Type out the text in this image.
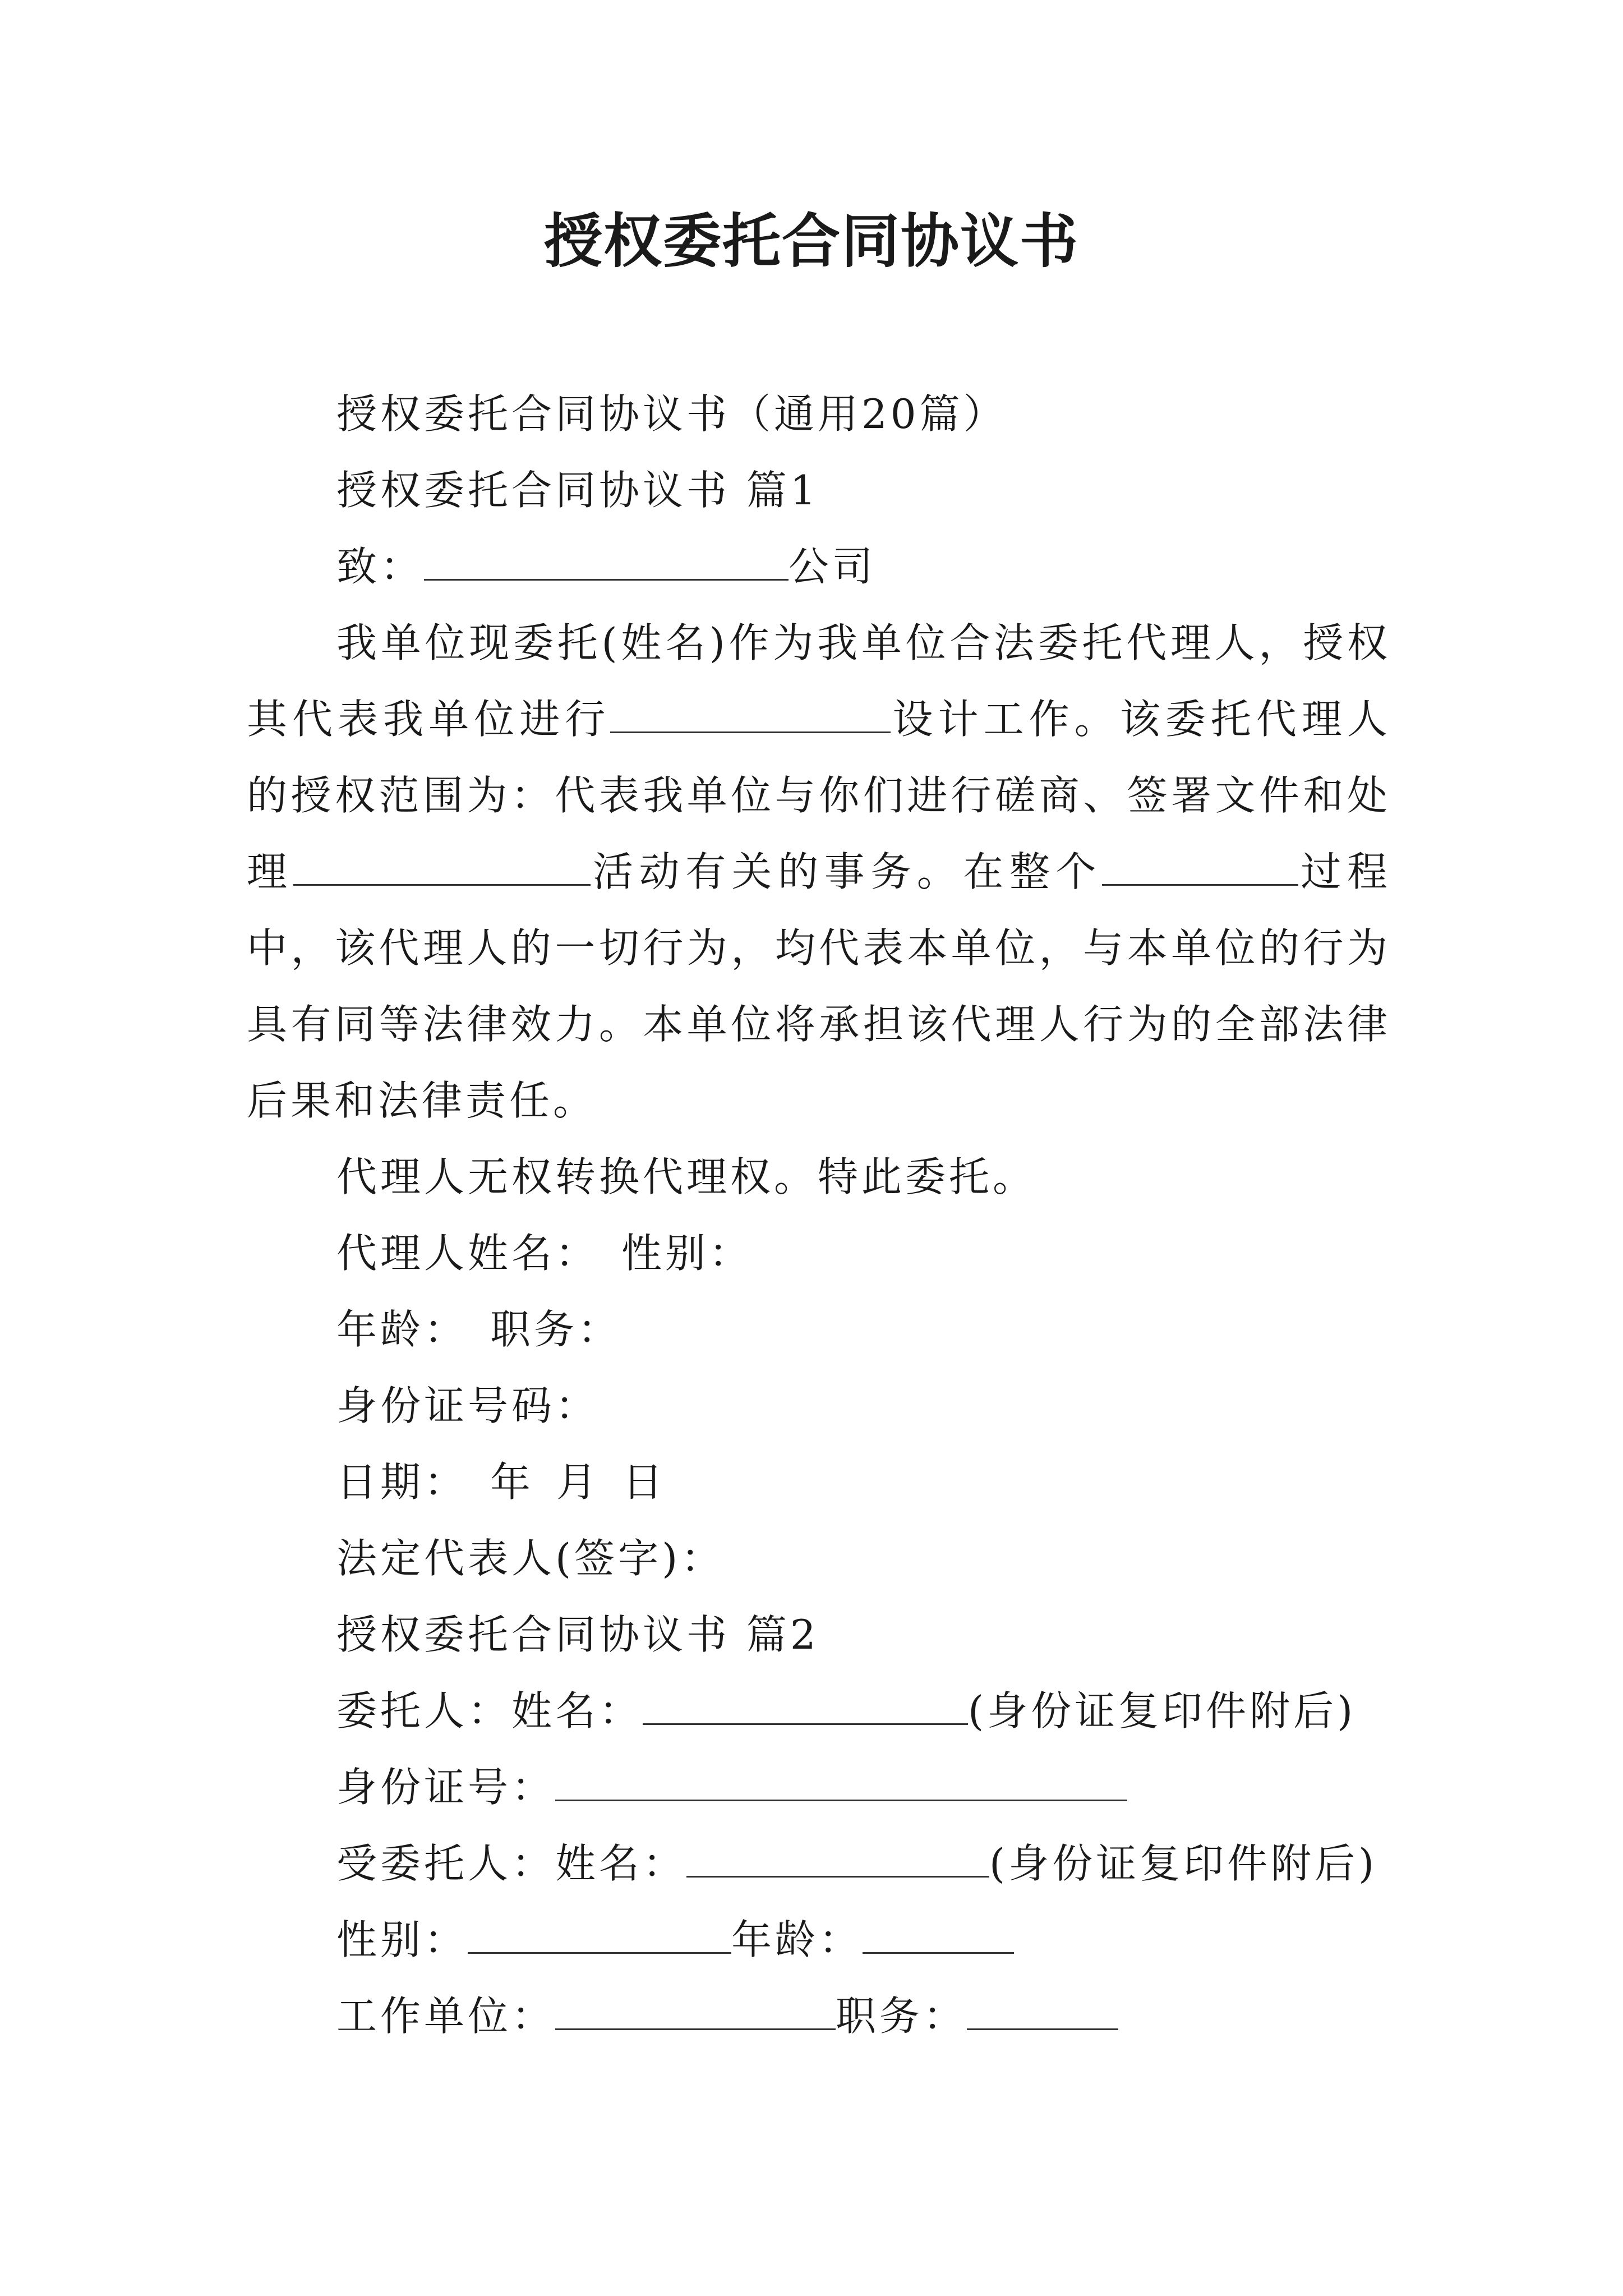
授权委托合同协议书

授权委托合同协议书（通用20篇）

授权委托合同协议书 篇1

致：	公司

我单位现委托(姓名)作为我单位合法委托代理人，授权其代表我单位进行	设计工作。该委托代理人的授权范围为：代表我单位与你们进行磋商、签署文件和处理	活动有关的事务。在整个	过程中，该代理人的一切行为，均代表本单位，与本单位的行为具有同等法律效力。本单位将承担该代理人行为的全部法律后果和法律责任。

代理人无权转换代理权。特此委托。

代理人姓名： 性别：

年龄： 职务：

身份证号码：

日期： 年 月 日

法定代表人(签字)：

授权委托合同协议书 篇2

委托人：姓名：	(身份证复印件附后)

身份证号：

受委托人：姓名：	(身份证复印件附后)

性别：	年龄：

工作单位：	职务：
